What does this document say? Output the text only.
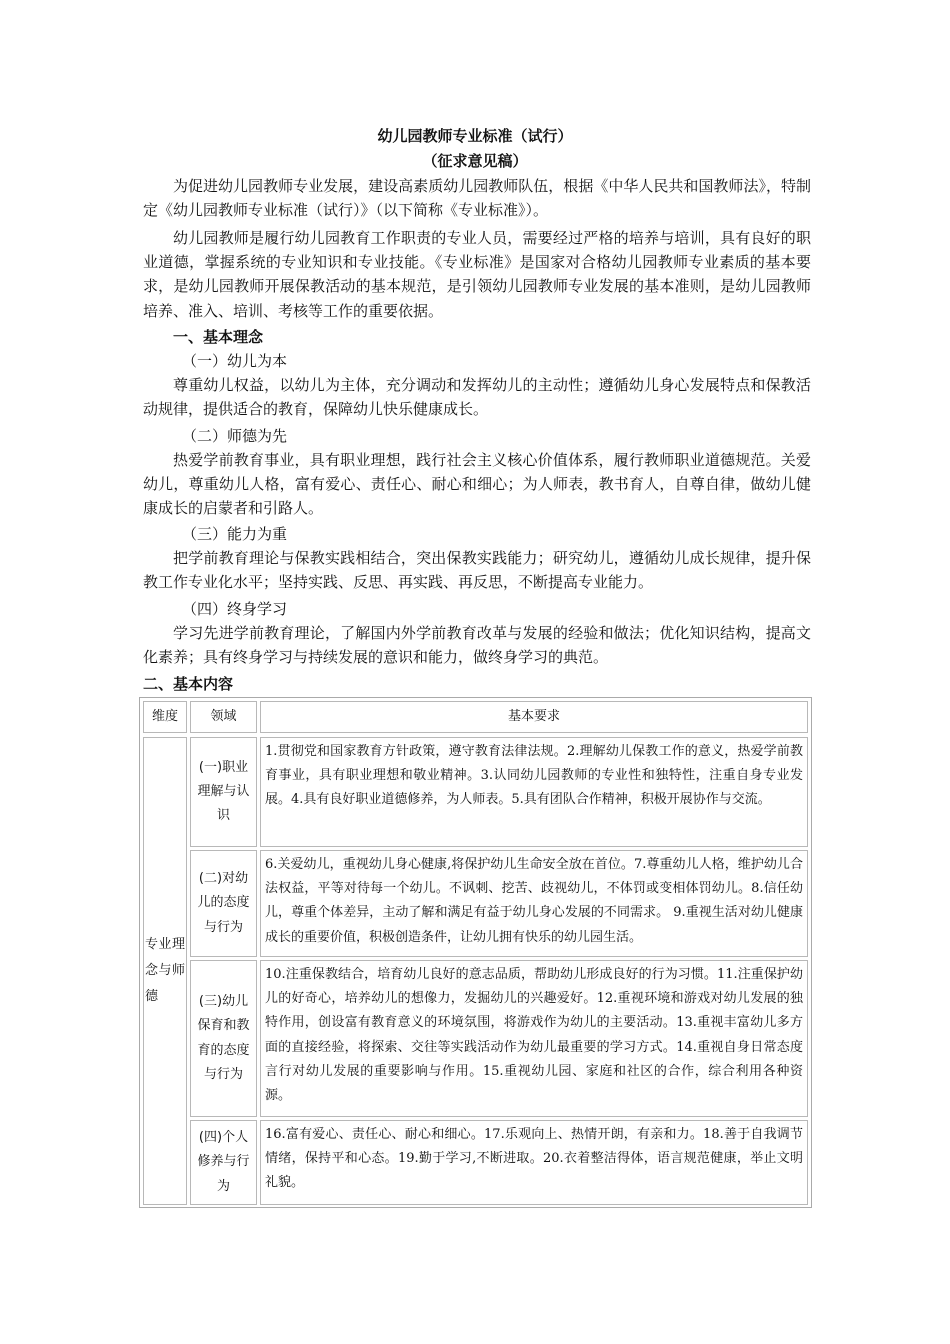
幼儿园教师专业标准（试行）
（征求意见稿）
为促进幼儿园教师专业发展，建设高素质幼儿园教师队伍，根据《中华人民共和国教师法》，特制定《幼儿园教师专业标准（试行）》（以下简称《专业标准》）。
幼儿园教师是履行幼儿园教育工作职责的专业人员，需要经过严格的培养与培训，具有良好的职业道德，掌握系统的专业知识和专业技能。《专业标准》是国家对合格幼儿园教师专业素质的基本要求，是幼儿园教师开展保教活动的基本规范，是引领幼儿园教师专业发展的基本准则，是幼儿园教师培养、准入、培训、考核等工作的重要依据。
一、基本理念
（一）幼儿为本
尊重幼儿权益，以幼儿为主体，充分调动和发挥幼儿的主动性；遵循幼儿身心发展特点和保教活动规律，提供适合的教育，保障幼儿快乐健康成长。
（二）师德为先
热爱学前教育事业，具有职业理想，践行社会主义核心价值体系，履行教师职业道德规范。关爱幼儿，尊重幼儿人格，富有爱心、责任心、耐心和细心；为人师表，教书育人，自尊自律，做幼儿健康成长的启蒙者和引路人。
（三）能力为重
把学前教育理论与保教实践相结合，突出保教实践能力；研究幼儿，遵循幼儿成长规律，提升保教工作专业化水平；坚持实践、反思、再实践、再反思，不断提高专业能力。
（四）终身学习
学习先进学前教育理论，了解国内外学前教育改革与发展的经验和做法；优化知识结构，提高文化素养；具有终身学习与持续发展的意识和能力，做终身学习的典范。
二、基本内容
维度	领域	基本要求
专业理念与师德
(一)职业理解与认识
1.贯彻党和国家教育方针政策，遵守教育法律法规。2.理解幼儿保教工作的意义，热爱学前教育事业，具有职业理想和敬业精神。3.认同幼儿园教师的专业性和独特性，注重自身专业发展。4.具有良好职业道德修养，为人师表。5.具有团队合作精神，积极开展协作与交流。
(二)对幼儿的态度与行为
6.关爱幼儿，重视幼儿身心健康,将保护幼儿生命安全放在首位。7.尊重幼儿人格，维护幼儿合法权益，平等对待每一个幼儿。不讽刺、挖苦、歧视幼儿，不体罚或变相体罚幼儿。8.信任幼儿，尊重个体差异，主动了解和满足有益于幼儿身心发展的不同需求。 9.重视生活对幼儿健康成长的重要价值，积极创造条件，让幼儿拥有快乐的幼儿园生活。
(三)幼儿保育和教育的态度与行为
10.注重保教结合，培育幼儿良好的意志品质，帮助幼儿形成良好的行为习惯。11.注重保护幼儿的好奇心，培养幼儿的想像力，发掘幼儿的兴趣爱好。12.重视环境和游戏对幼儿发展的独特作用，创设富有教育意义的环境氛围，将游戏作为幼儿的主要活动。13.重视丰富幼儿多方面的直接经验，将探索、交往等实践活动作为幼儿最重要的学习方式。14.重视自身日常态度言行对幼儿发展的重要影响与作用。15.重视幼儿园、家庭和社区的合作，综合利用各种资源。
(四)个人修养与行为
16.富有爱心、责任心、耐心和细心。17.乐观向上、热情开朗，有亲和力。18.善于自我调节情绪，保持平和心态。19.勤于学习,不断进取。20.衣着整洁得体，语言规范健康，举止文明礼貌。
